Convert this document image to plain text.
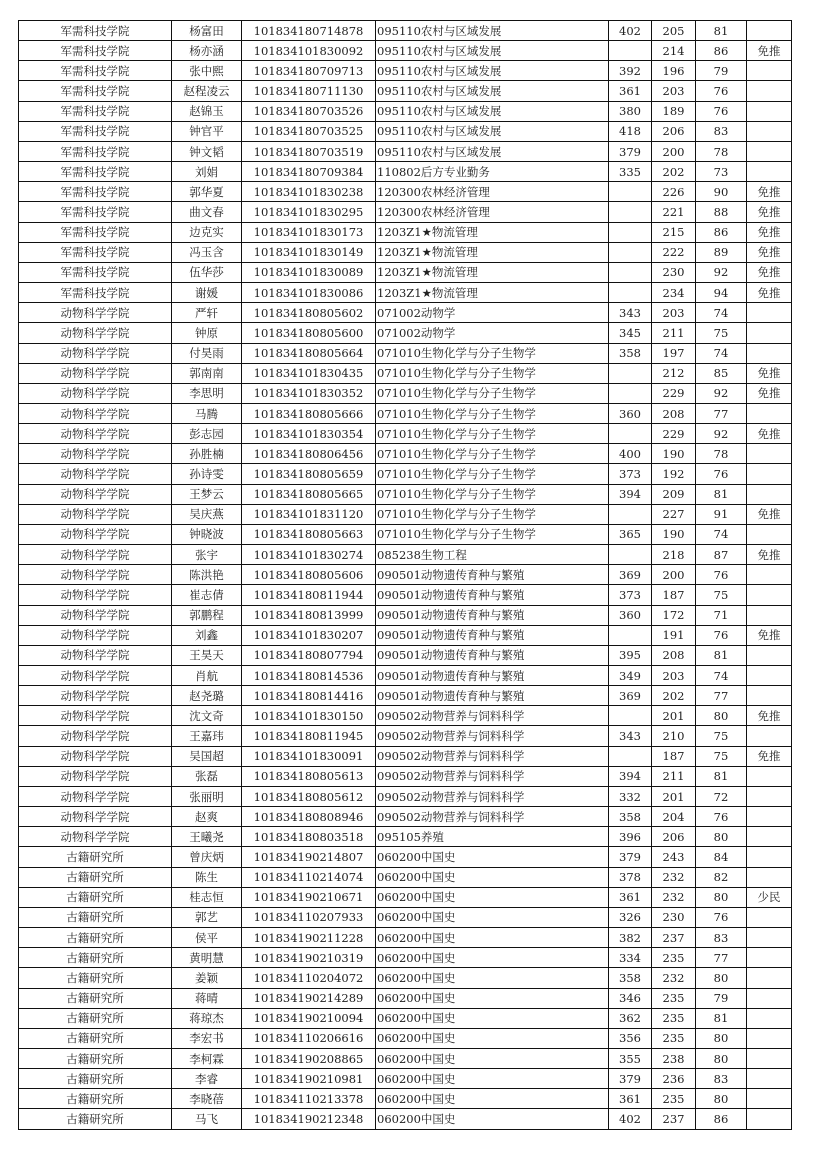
军需科技学院	杨富田	101834180714878	095110农村与区域发展	402	205	81	
军需科技学院	杨亦涵	101834101830092	095110农村与区域发展		214	86	免推
军需科技学院	张中熙	101834180709713	095110农村与区域发展	392	196	79	
军需科技学院	赵程凌云	101834180711130	095110农村与区域发展	361	203	76	
军需科技学院	赵锦玉	101834180703526	095110农村与区域发展	380	189	76	
军需科技学院	钟官平	101834180703525	095110农村与区域发展	418	206	83	
军需科技学院	钟文韬	101834180703519	095110农村与区域发展	379	200	78	
军需科技学院	刘娟	101834180709384	110802后方专业勤务	335	202	73	
军需科技学院	郭华夏	101834101830238	120300农林经济管理		226	90	免推
军需科技学院	曲文春	101834101830295	120300农林经济管理		221	88	免推
军需科技学院	边克实	101834101830173	1203Z1★物流管理		215	86	免推
军需科技学院	冯玉含	101834101830149	1203Z1★物流管理		222	89	免推
军需科技学院	伍华莎	101834101830089	1203Z1★物流管理		230	92	免推
军需科技学院	谢媛	101834101830086	1203Z1★物流管理		234	94	免推
动物科学学院	严轩	101834180805602	071002动物学	343	203	74	
动物科学学院	钟原	101834180805600	071002动物学	345	211	75	
动物科学学院	付昊雨	101834180805664	071010生物化学与分子生物学	358	197	74	
动物科学学院	郭南南	101834101830435	071010生物化学与分子生物学		212	85	免推
动物科学学院	李思明	101834101830352	071010生物化学与分子生物学		229	92	免推
动物科学学院	马腾	101834180805666	071010生物化学与分子生物学	360	208	77	
动物科学学院	彭志园	101834101830354	071010生物化学与分子生物学		229	92	免推
动物科学学院	孙胜楠	101834180806456	071010生物化学与分子生物学	400	190	78	
动物科学学院	孙诗雯	101834180805659	071010生物化学与分子生物学	373	192	76	
动物科学学院	王梦云	101834180805665	071010生物化学与分子生物学	394	209	81	
动物科学学院	吴庆燕	101834101831120	071010生物化学与分子生物学		227	91	免推
动物科学学院	钟晓波	101834180805663	071010生物化学与分子生物学	365	190	74	
动物科学学院	张宇	101834101830274	085238生物工程		218	87	免推
动物科学学院	陈洪艳	101834180805606	090501动物遗传育种与繁殖	369	200	76	
动物科学学院	崔志倩	101834180811944	090501动物遗传育种与繁殖	373	187	75	
动物科学学院	郭鹏程	101834180813999	090501动物遗传育种与繁殖	360	172	71	
动物科学学院	刘鑫	101834101830207	090501动物遗传育种与繁殖		191	76	免推
动物科学学院	王昊天	101834180807794	090501动物遗传育种与繁殖	395	208	81	
动物科学学院	肖航	101834180814536	090501动物遗传育种与繁殖	349	203	74	
动物科学学院	赵尧璐	101834180814416	090501动物遗传育种与繁殖	369	202	77	
动物科学学院	沈文奇	101834101830150	090502动物营养与饲料科学		201	80	免推
动物科学学院	王嘉玮	101834180811945	090502动物营养与饲料科学	343	210	75	
动物科学学院	吴国超	101834101830091	090502动物营养与饲料科学		187	75	免推
动物科学学院	张磊	101834180805613	090502动物营养与饲料科学	394	211	81	
动物科学学院	张丽明	101834180805612	090502动物营养与饲料科学	332	201	72	
动物科学学院	赵爽	101834180808946	090502动物营养与饲料科学	358	204	76	
动物科学学院	王曦尧	101834180803518	095105养殖	396	206	80	
古籍研究所	曾庆炳	101834190214807	060200中国史	379	243	84	
古籍研究所	陈生	101834110214074	060200中国史	378	232	82	
古籍研究所	桂志恒	101834190210671	060200中国史	361	232	80	少民
古籍研究所	郭艺	101834110207933	060200中国史	326	230	76	
古籍研究所	侯平	101834190211228	060200中国史	382	237	83	
古籍研究所	黄明慧	101834190210319	060200中国史	334	235	77	
古籍研究所	姜颖	101834110204072	060200中国史	358	232	80	
古籍研究所	蒋晴	101834190214289	060200中国史	346	235	79	
古籍研究所	蒋琼杰	101834190210094	060200中国史	362	235	81	
古籍研究所	李宏书	101834110206616	060200中国史	356	235	80	
古籍研究所	李柯霖	101834190208865	060200中国史	355	238	80	
古籍研究所	李睿	101834190210981	060200中国史	379	236	83	
古籍研究所	李晓蓓	101834110213378	060200中国史	361	235	80	
古籍研究所	马飞	101834190212348	060200中国史	402	237	86	
